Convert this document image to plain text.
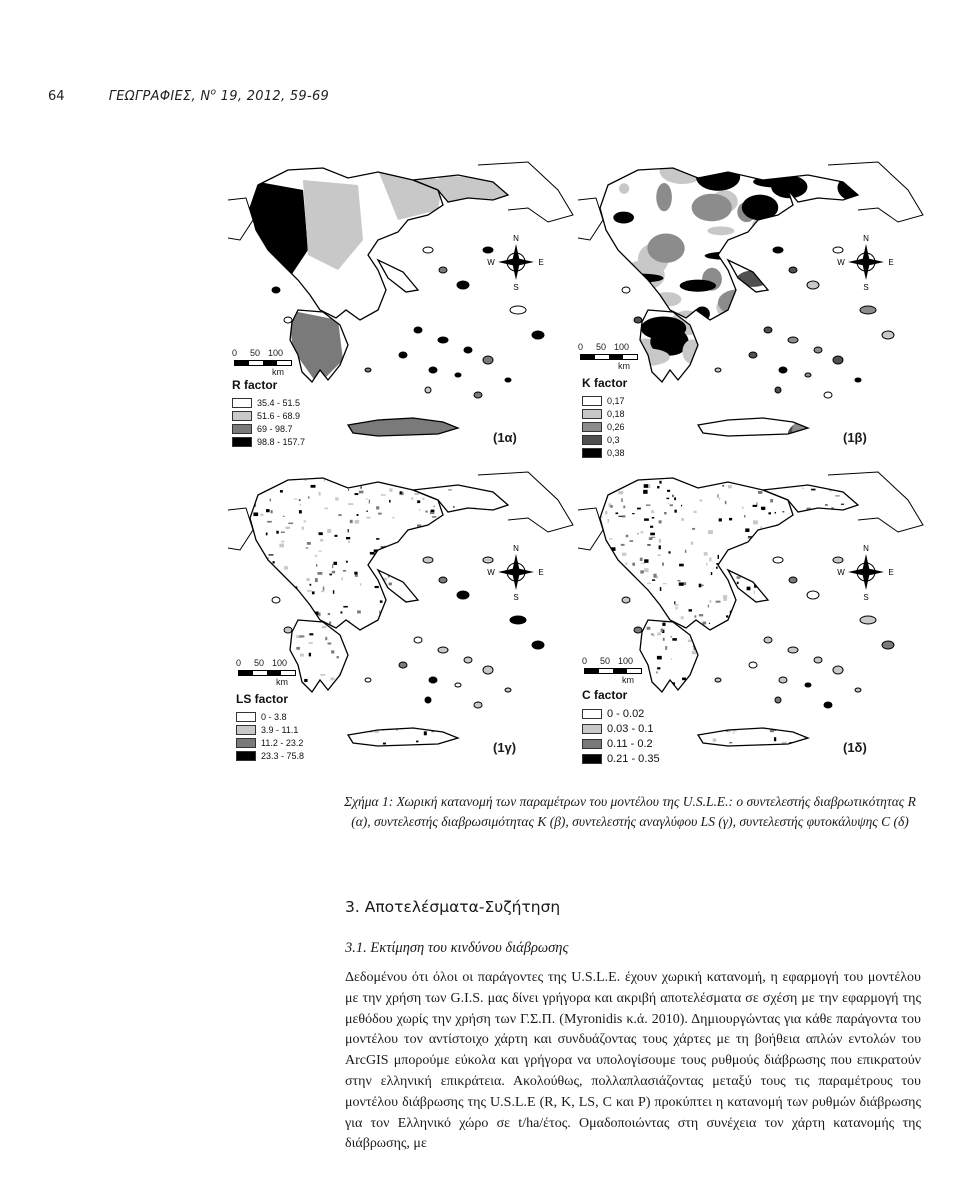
64	ΓΕΩΓΡΑΦΙΕΣ, $N^o$ 19, 2012, 59-69
N
S
E
W
0 50 100
km
R factor
35.4 - 51.5
51.6 - 68.9
69 - 98.7
98.8 - 157.7	(1α)
N
S
E
W
0 50 100
km
K factor
0,17
0,18
0,26
0,3
0,38
(1β)
N
S
E
W
0 50 100
km
LS factor
0 - 3.8
3.9 - 11.1
11.2 - 23.2
23.3 - 75.8
(1γ)
N
S
E
W
0 50 100
km
C factor
0 - 0.02
0.03 - 0.1
0.11 - 0.2
0.21 - 0.35
(1δ)
Σχήμα 1: Χωρική κατανομή των παραμέτρων του μοντέλου της U.S.L.E.: ο συντελεστής διαβρωτικότητας R (α), συντελεστής διαβρωσιμότητας Κ (β), συντελεστής αναγλύφου LS (γ), συντελεστής φυτοκάλυψης C (δ)
3. Αποτελέσματα-Συζήτηση
3.1. Εκτίμηση του κινδύνου διάβρωσης

Δεδομένου ότι όλοι οι παράγοντες της U.S.L.E. έχουν χωρική κατανομή, η εφαρμογή του μοντέλου με την χρήση των G.I.S. μας δίνει γρήγορα και ακριβή αποτελέσματα σε σχέση με την εφαρμογή της μεθόδου χωρίς την χρήση των Γ.Σ.Π. (Myronidis κ.ά. 2010). Δημιουργώντας για κάθε παράγοντα του μοντέλου τον αντίστοιχο χάρτη και συνδυάζοντας τους χάρτες με τη βοήθεια απλών εντολών του ArcGIS μπορούμε εύκολα και γρήγορα να υπολογίσουμε τους ρυθμούς διάβρωσης που επικρατούν στην ελληνική επικράτεια. Ακολούθως, πολλαπλασιάζοντας μεταξύ τους τις παραμέτρους του μοντέλου διάβρωσης της U.S.L.E (R, K, LS, C και P) προκύπτει η κατανομή των ρυθμών διάβρωσης για τον Ελληνικό χώρο σε t/ha/έτος. Ομαδοποιώντας στη συνέχεια τον χάρτη κατανομής της διάβρωσης, με
